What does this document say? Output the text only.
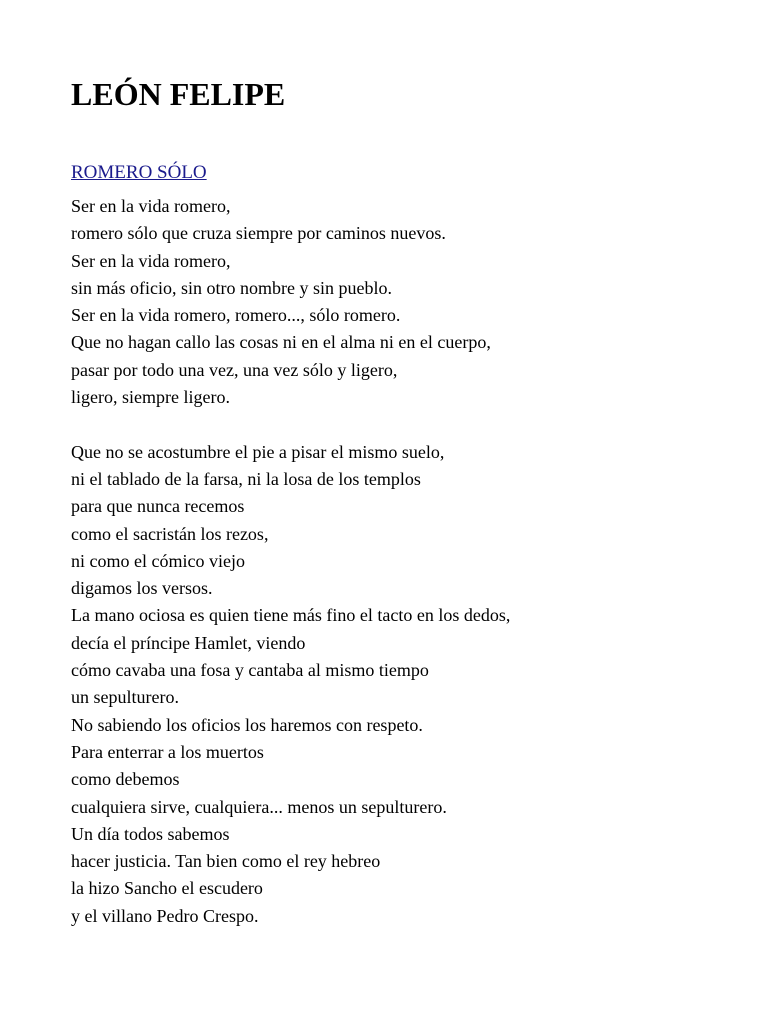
LEÓN FELIPE
ROMERO SÓLO
Ser en la vida romero,
romero sólo que cruza siempre por caminos nuevos.
Ser en la vida romero,
sin más oficio, sin otro nombre y sin pueblo.
Ser en la vida romero, romero..., sólo romero.
Que no hagan callo las cosas ni en el alma ni en el cuerpo,
pasar por todo una vez, una vez sólo y ligero,
ligero, siempre ligero.
Que no se acostumbre el pie a pisar el mismo suelo,
ni el tablado de la farsa, ni la losa de los templos
para que nunca recemos
como el sacristán los rezos,
ni como el cómico viejo
digamos los versos.
La mano ociosa es quien tiene más fino el tacto en los dedos,
decía el príncipe Hamlet, viendo
cómo cavaba una fosa y cantaba al mismo tiempo
un sepulturero.
No sabiendo los oficios los haremos con respeto.
Para enterrar a los muertos
como debemos
cualquiera sirve, cualquiera... menos un sepulturero.
Un día todos sabemos
hacer justicia. Tan bien como el rey hebreo
la hizo Sancho el escudero
y el villano Pedro Crespo.
